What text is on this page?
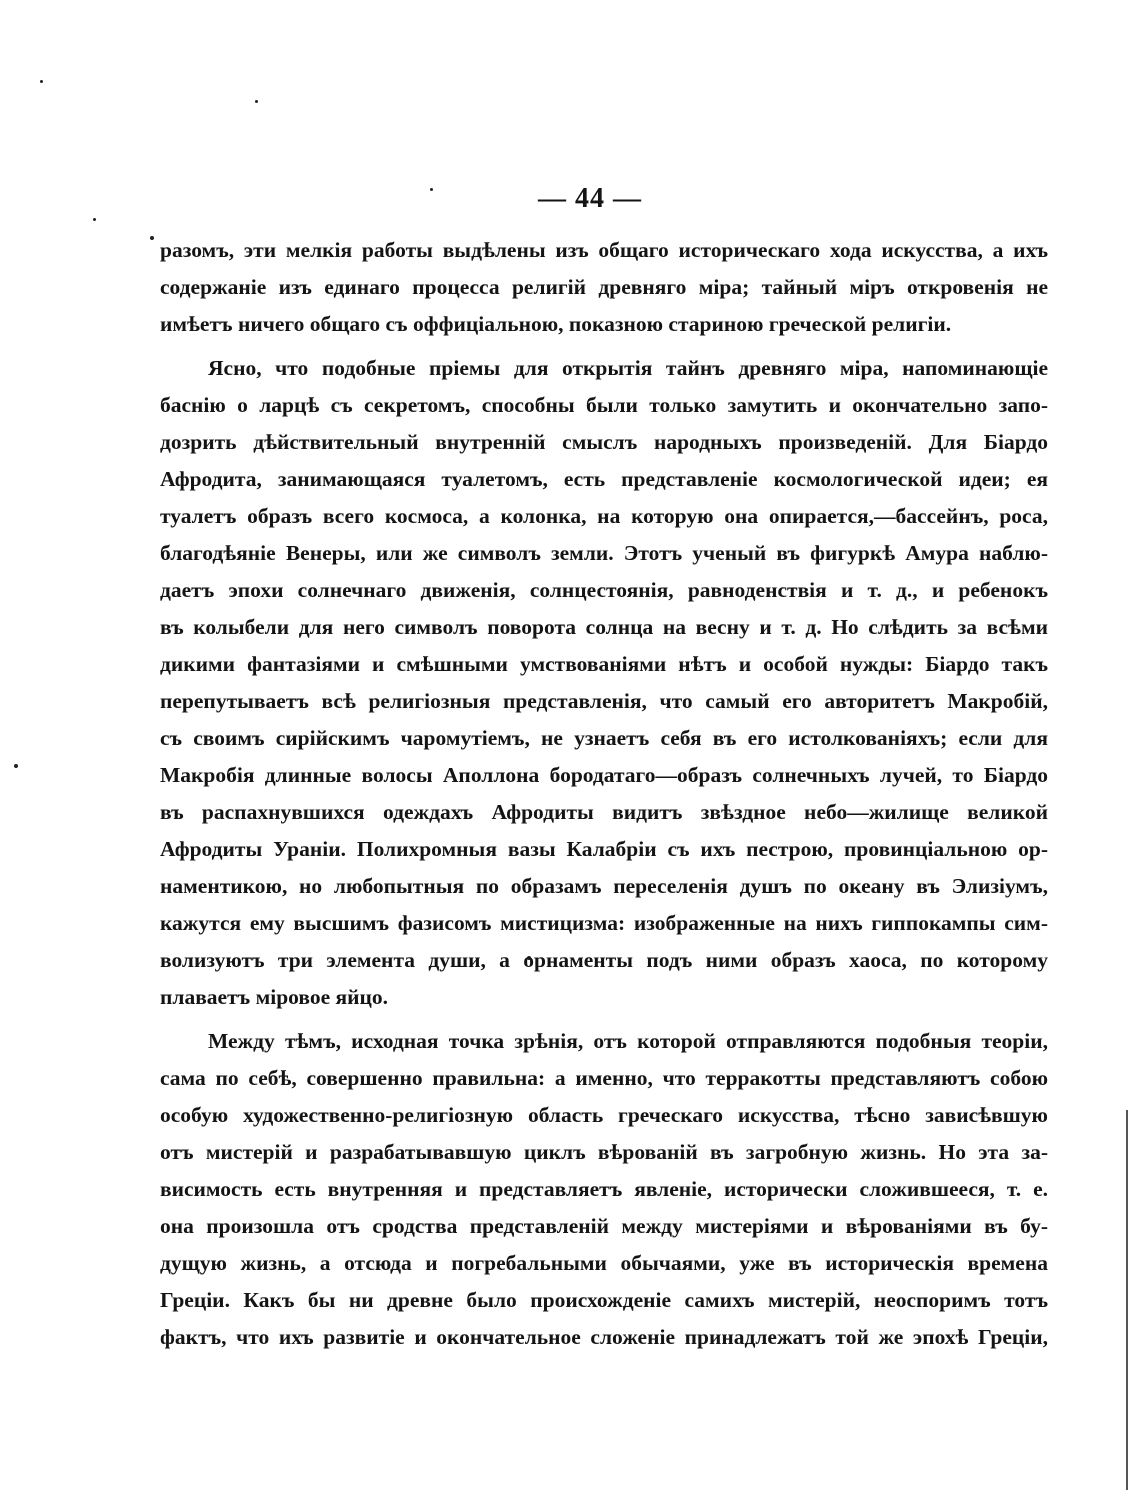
— 44 —
разомъ, эти мелкія работы выдѣлены изъ общаго историческаго хода искусства, а ихъ
содержаніе изъ единаго процесса религій древняго міра; тайный міръ откровенія не
имѣетъ ничего общаго съ оффиціальною, показною стариною греческой религіи.
Ясно, что подобные пріемы для открытія тайнъ древняго міра, напоминающіе
баснію о ларцѣ съ секретомъ, способны были только замутить и окончательно запо-
дозрить дѣйствительный внутренній смыслъ народныхъ произведеній. Для Біардо
Афродита, занимающаяся туалетомъ, есть представленіе космологической идеи; ея
туалетъ образъ всего космоса, а колонка, на которую она опирается,—бассейнъ, роса,
благодѣяніе Венеры, или же символъ земли. Этотъ ученый въ фигуркѣ Амура наблю-
даетъ эпохи солнечнаго движенія, солнцестоянія, равноденствія и т. д., и ребенокъ
въ колыбели для него символъ поворота солнца на весну и т. д. Но слѣдить за всѣми
дикими фантазіями и смѣшными умствованіями нѣтъ и особой нужды: Біардо такъ
перепутываетъ всѣ религіозныя представленія, что самый его авторитетъ Макробій,
съ своимъ сирійскимъ чаромутіемъ, не узнаетъ себя въ его истолкованіяхъ; если для
Макробія длинные волосы Аполлона бородатаго—образъ солнечныхъ лучей, то Біардо
въ распахнувшихся одеждахъ Афродиты видитъ звѣздное небо—жилище великой
Афродиты Ураніи. Полихромныя вазы Калабріи съ ихъ пестрою, провинціальною ор-
наментикою, но любопытныя по образамъ переселенія душъ по океану въ Элизіумъ,
кажутся ему высшимъ фазисомъ мистицизма: изображенные на нихъ гиппокампы сим-
волизуютъ три элемента души, а орнаменты подъ ними образъ хаоса, по которому
плаваетъ міровое яйцо.
Между тѣмъ, исходная точка зрѣнія, отъ которой отправляются подобныя теоріи,
сама по себѣ, совершенно правильна: а именно, что терракотты представляютъ собою
особую художественно-религіозную область греческаго искусства, тѣсно зависѣвшую
отъ мистерій и разрабатывавшую циклъ вѣрованій въ загробную жизнь. Но эта за-
висимость есть внутренняя и представляетъ явленіе, исторически сложившееся, т. е.
она произошла отъ сродства представленій между мистеріями и вѣрованіями въ бу-
дущую жизнь, а отсюда и погребальными обычаями, уже въ историческія времена
Греціи. Какъ бы ни древне было происхожденіе самихъ мистерій, неоспоримъ тотъ
фактъ, что ихъ развитіе и окончательное сложеніе принадлежатъ той же эпохѣ Греціи,
